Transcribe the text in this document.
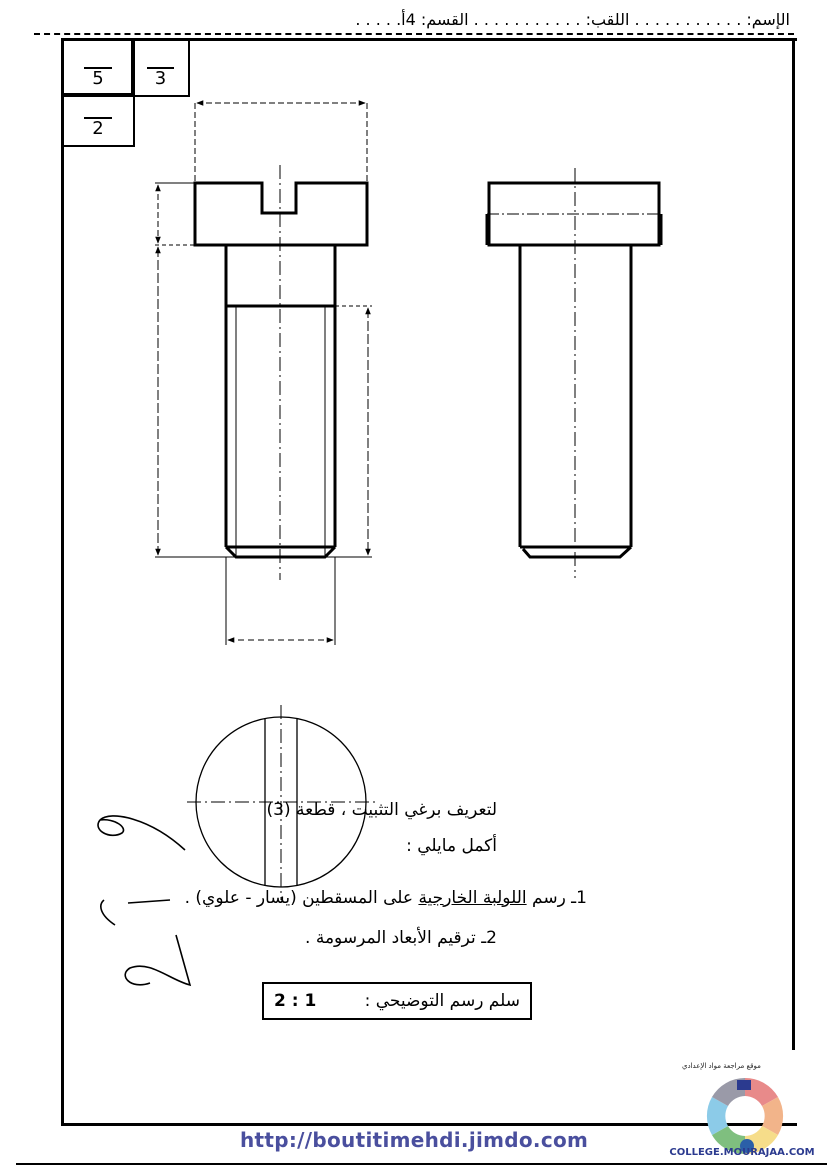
الإسم: . . . . . . . . . . . اللقب: . . . . . . . . . . . القسم: 4أ. . . . .
5	3
2
لتعريف برغي التثبيت ، قطعة (3)
أكمل مايلي :
1ـ رسم اللولبة الخارجية على المسقطين (يسار - علوي) .
2ـ ترقيم الأبعاد المرسومة .
2 : 1	سلم رسم التوضيحي :
http://boutitimehdi.jimdo.com
موقع مراجعة مواد الإعدادي
COLLEGE.MOURAJAA.COM
